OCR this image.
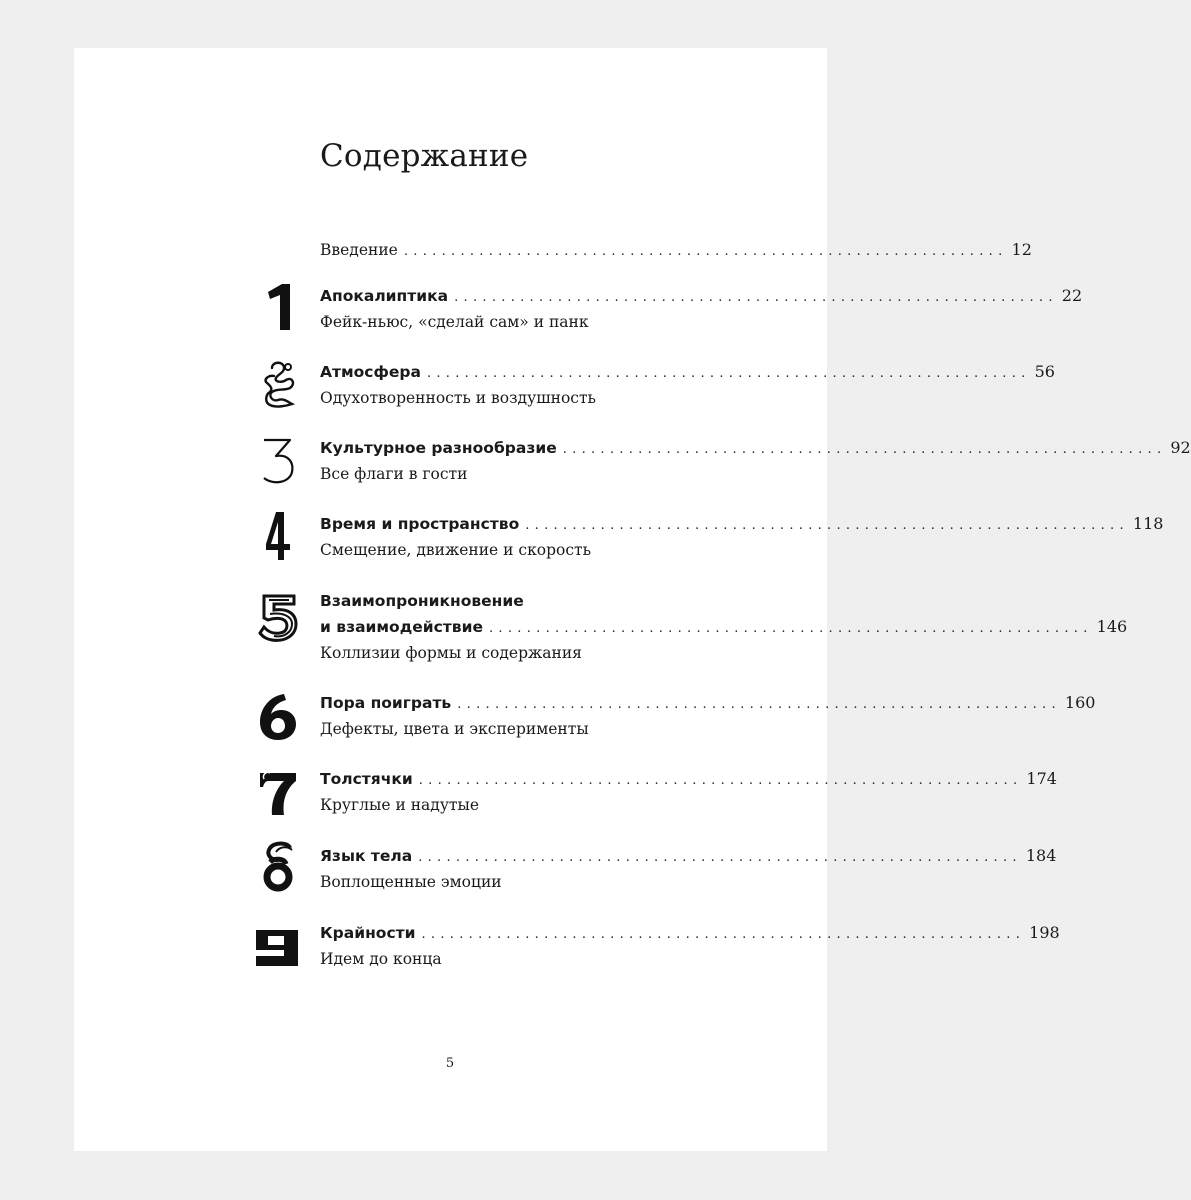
Содержание
Введение ................................................................ 12
Апокалиптика ................................................................ 22
Фейк-ньюс, «сделай сам» и панк
Атмосфера ................................................................ 56
Одухотворенность и воздушность
Культурное разнообразие ................................................................ 92
Все флаги в гости
Время и пространство ................................................................ 118
Смещение, движение и скорость
Взаимопроникновение
и взаимодействие ................................................................ 146
Коллизии формы и содержания
Пора поиграть ................................................................ 160
Дефекты, цвета и эксперименты
Толстячки ................................................................ 174
Круглые и надутые
Язык тела ................................................................ 184
Воплощенные эмоции
Крайности ................................................................ 198
Идем до конца
5
